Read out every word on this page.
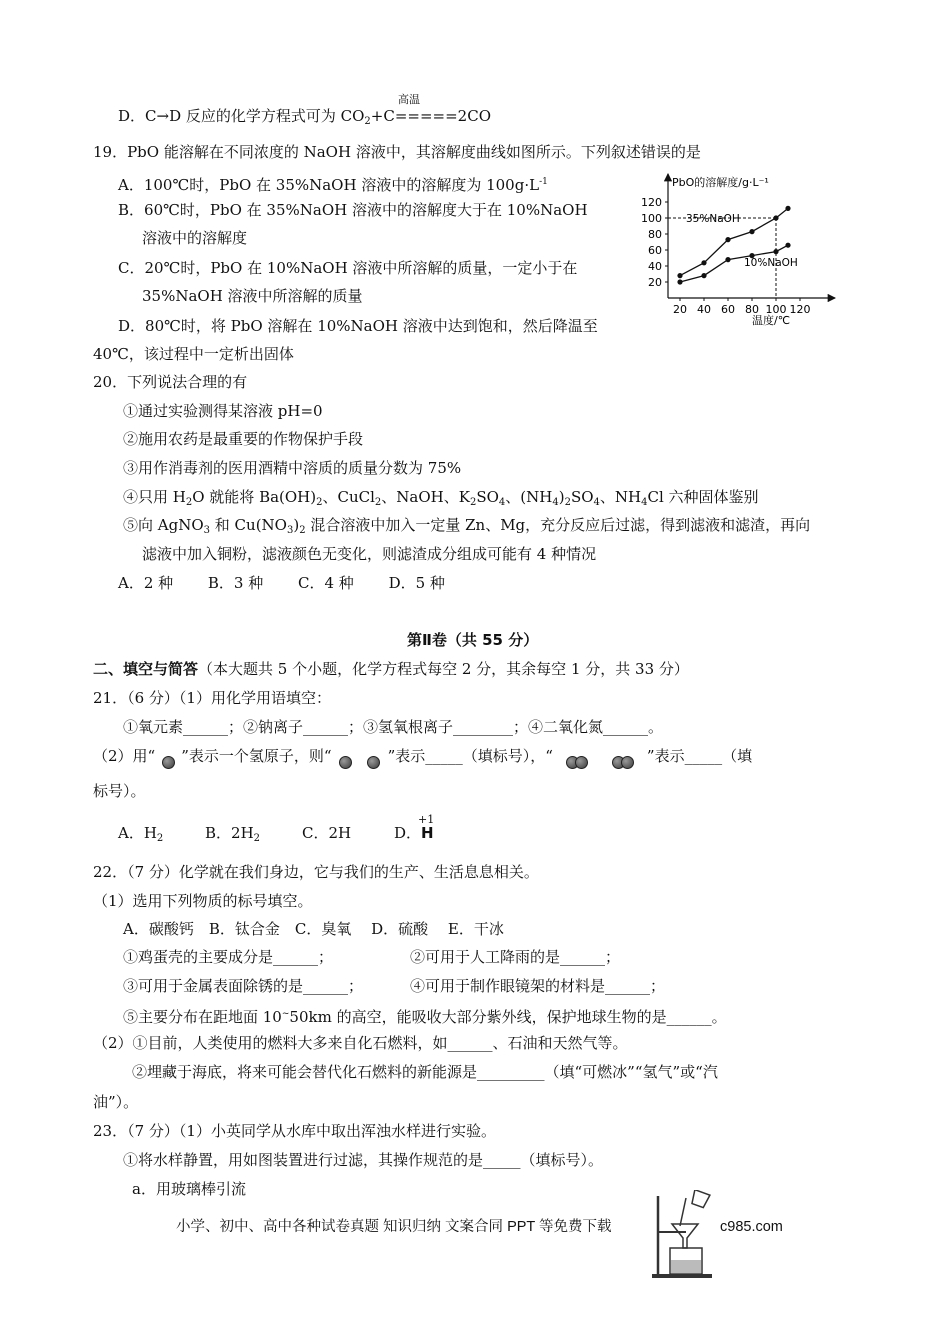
高温
D．C→D 反应的化学方程式可为 $CO_2+C=====2CO$
19．PbO 能溶解在不同浓度的 NaOH 溶液中，其溶解度曲线如图所示。下列叙述错误的是
A．100℃时，PbO 在 35%NaOH 溶液中的溶解度为 $100g\cdot L^{-1}$
B．60℃时，PbO 在 35%NaOH 溶液中的溶解度大于在 10%NaOH
溶液中的溶解度
C．20℃时，PbO 在 10%NaOH 溶液中所溶解的质量，一定小于在
35%NaOH 溶液中所溶解的质量
D．80℃时，将 PbO 溶解在 10%NaOH 溶液中达到饱和，然后降温至
40℃，该过程中一定析出固体
PbO的溶解度/g·L⁻¹
温度/℃
20
40
60
80
100
120
20 40 60 80 100 120
35%NaOH
10%NaOH
20．下列说法合理的有
①通过实验测得某溶液 pH=0
②施用农药是最重要的作物保护手段
③用作消毒剂的医用酒精中溶质的质量分数为 75%
④只用 $H_2O$ 就能将 $Ba(OH)_2$、CuCl$_2$、NaOH、$K_2SO_4$、$(NH_4)_2SO_4$、$NH_4Cl$ 六种固体鉴别
⑤向 AgNO$_3$ 和 $Cu(NO_3)_2$ 混合溶液中加入一定量 Zn、Mg，充分反应后过滤，得到滤液和滤渣，再向
滤液中加入铜粉，滤液颜色无变化，则滤渣成分组成可能有 4 种情况
A．2 种　　 B．3 种　　 C．4 种　　 D．5 种
第Ⅱ卷（共 55 分）
二、填空与简答（本大题共 5 个小题，化学方程式每空 2 分，其余每空 1 分，共 33 分）
21．（6 分）（1）用化学用语填空：
①氧元素______；②钠离子______；③氢氧根离子________；④二氧化氮______。
（2）用“ ”表示一个氢原子，则“	”表示_____（填标号），“	”表示_____（填
标号）。
+1
A．$H_2$	B．$2H_2$	C．2H	D．H
22．（7 分）化学就在我们身边，它与我们的生产、生活息息相关。
（1）选用下列物质的标号填空。
A．碳酸钙　B．钛合金　C．臭氧　 D．硫酸　 E．干冰
①鸡蛋壳的主要成分是______；	②可用于人工降雨的是______；
③可用于金属表面除锈的是______；	④可用于制作眼镜架的材料是______；
⑤主要分布在距地面 10~50km 的高空，能吸收大部分紫外线，保护地球生物的是______。
（2）①目前，人类使用的燃料大多来自化石燃料，如______、石油和天然气等。
②埋藏于海底，将来可能会替代化石燃料的新能源是_________（填“可燃冰”“氢气”或“汽
油”）。
23．（7 分）（1）小英同学从水库中取出浑浊水样进行实验。
①将水样静置，用如图装置进行过滤，其操作规范的是_____（填标号）。
a．用玻璃棒引流
小学、初中、高中各种试卷真题 知识归纳 文案合同 PPT 等免费下载	c985.com
